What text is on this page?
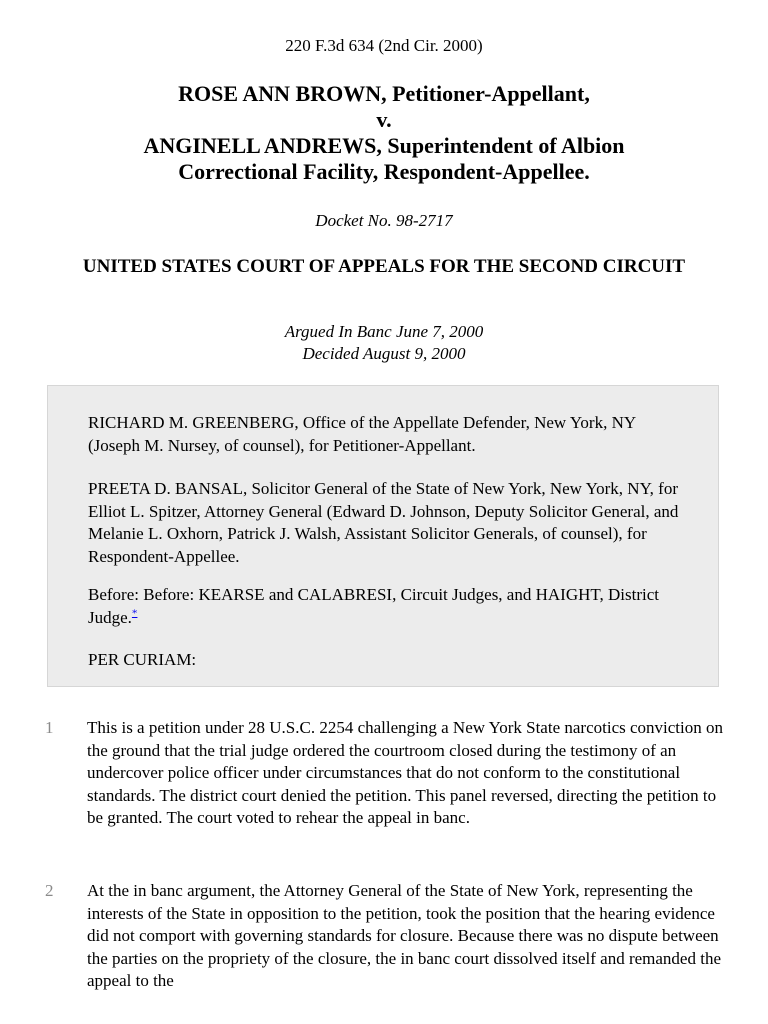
220 F.3d 634 (2nd Cir. 2000)
ROSE ANN BROWN, Petitioner-Appellant,
v.
ANGINELL ANDREWS, Superintendent of Albion
Correctional Facility, Respondent-Appellee.
Docket No. 98-2717
UNITED STATES COURT OF APPEALS FOR THE SECOND CIRCUIT
Argued In Banc June 7, 2000
Decided August 9, 2000

RICHARD M. GREENBERG, Office of the Appellate Defender, New York, NY (Joseph M. Nursey, of counsel), for Petitioner-Appellant.

PREETA D. BANSAL, Solicitor General of the State of New York, New York, NY, for Elliot L. Spitzer, Attorney General (Edward D. Johnson, Deputy Solicitor General, and Melanie L. Oxhorn, Patrick J. Walsh, Assistant Solicitor Generals, of counsel), for Respondent-Appellee.

Before: Before: KEARSE and CALABRESI, Circuit Judges, and HAIGHT, District Judge.*

PER CURIAM:

1 This is a petition under 28 U.S.C. 2254 challenging a New York State narcotics conviction on the ground that the trial judge ordered the courtroom closed during the testimony of an undercover police officer under circumstances that do not conform to the constitutional standards. The district court denied the petition. This panel reversed, directing the petition to be granted. The court voted to rehear the appeal in banc.

2 At the in banc argument, the Attorney General of the State of New York, representing the interests of the State in opposition to the petition, took the position that the hearing evidence did not comport with governing standards for closure. Because there was no dispute between the parties on the propriety of the closure, the in banc court dissolved itself and remanded the appeal to the
